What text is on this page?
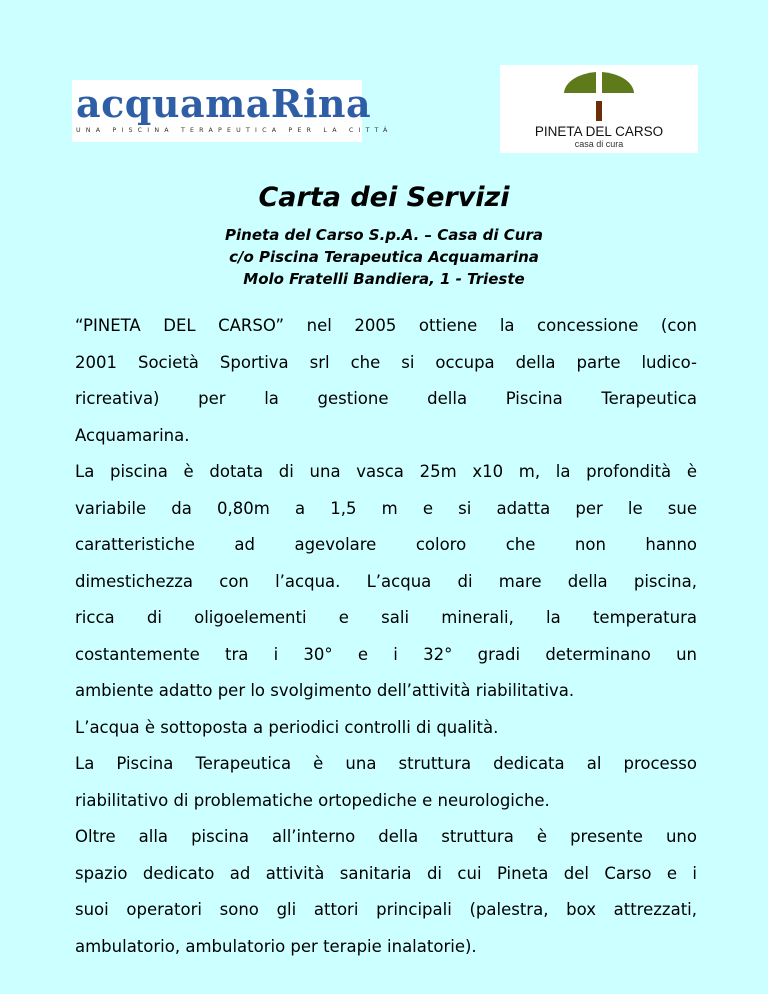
acquamaRina
UNA PISCINA TERAPEUTICA PER LA CITTÀ	PINETA DEL CARSO
casa di cura
Carta dei Servizi
Pineta del Carso S.p.A. – Casa di Cura
c/o Piscina Terapeutica Acquamarina
Molo Fratelli Bandiera, 1 - Trieste

“PINETA DEL CARSO” nel 2005 ottiene la concessione (con

2001 Società Sportiva srl che si occupa della parte ludico-

ricreativa) per la gestione della Piscina Terapeutica

Acquamarina.

La piscina è dotata di una vasca 25m x10 m, la profondità è

variabile da 0,80m a 1,5 m e si adatta per le sue

caratteristiche ad agevolare coloro che non hanno

dimestichezza con l’acqua. L’acqua di mare della piscina,

ricca di oligoelementi e sali minerali, la temperatura

costantemente tra i 30° e i 32° gradi determinano un

ambiente adatto per lo svolgimento dell’attività riabilitativa.

L’acqua è sottoposta a periodici controlli di qualità.

La Piscina Terapeutica è una struttura dedicata al processo

riabilitativo di problematiche ortopediche e neurologiche.

Oltre alla piscina all’interno della struttura è presente uno

spazio dedicato ad attività sanitaria di cui Pineta del Carso e i

suoi operatori sono gli attori principali (palestra, box attrezzati,

ambulatorio, ambulatorio per terapie inalatorie).
